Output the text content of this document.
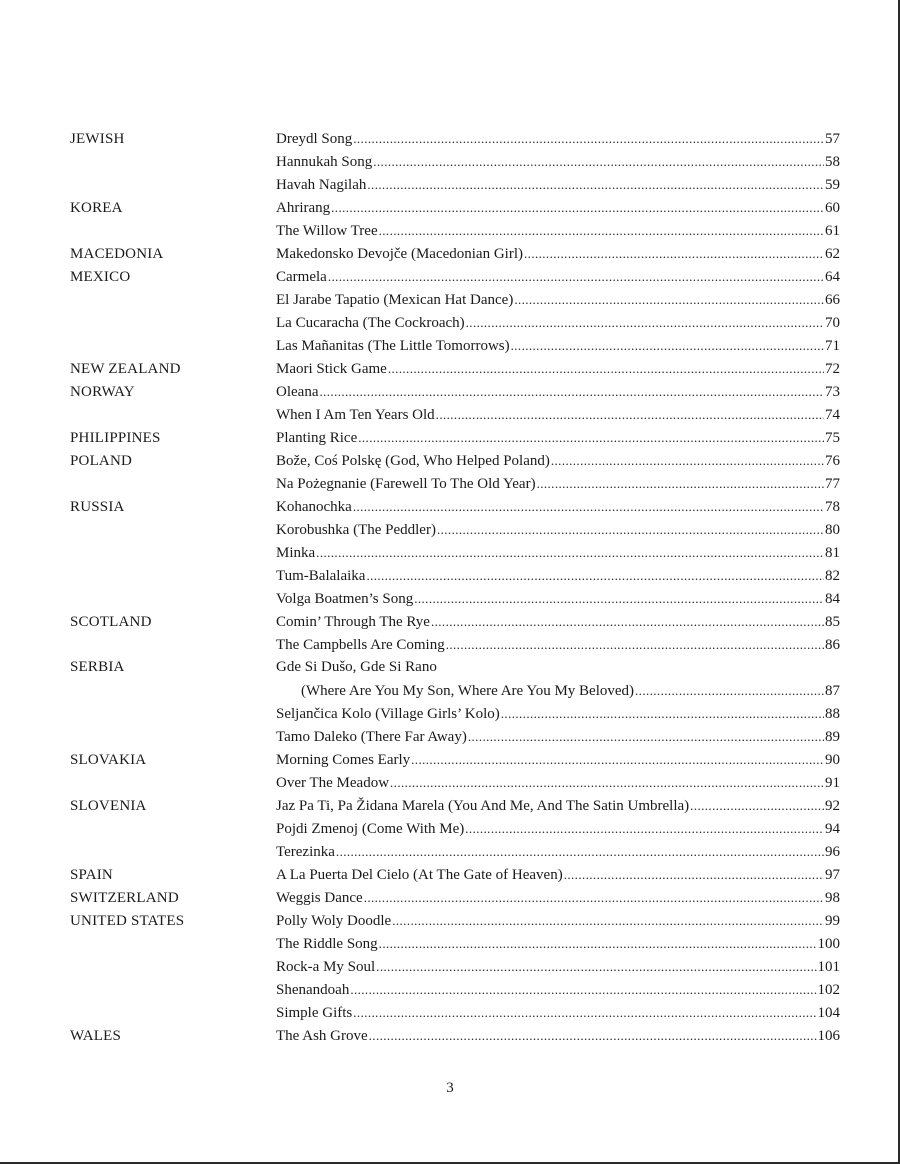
JEWISH	Dreydl Song .....	57
Hannukah Song .....	58
Havah Nagilah .....	59
KOREA	Ahrirang .....	60
The Willow Tree .....	61
MACEDONIA	Makedonsko Devojče (Macedonian Girl) .....	62
MEXICO	Carmela .....	64
El Jarabe Tapatio (Mexican Hat Dance) .....	66
La Cucaracha (The Cockroach) .....	70
Las Mañanitas (The Little Tomorrows) .....	71
NEW ZEALAND	Maori Stick Game .....	72
NORWAY	Oleana .....	73
When I Am Ten Years Old .....	74
PHILIPPINES	Planting Rice .....	75
POLAND	Bože, Coś Polskę (God, Who Helped Poland) .....	76
Na Pożegnanie (Farewell To The Old Year) .....	77
RUSSIA	Kohanochka .....	78
Korobushka (The Peddler) .....	80
Minka .....	81
Tum-Balalaika .....	82
Volga Boatmen’s Song .....	84
SCOTLAND	Comin’ Through The Rye .....	85
The Campbells Are Coming .....	86
SERBIA	Gde Si Dušo, Gde Si Rano
(Where Are You My Son, Where Are You My Beloved) .....	87
Seljančica Kolo (Village Girls’ Kolo) .....	88
Tamo Daleko (There Far Away) .....	89
SLOVAKIA	Morning Comes Early .....	90
Over The Meadow .....	91
SLOVENIA	Jaz Pa Ti, Pa Židana Marela (You And Me, And The Satin Umbrella) .....	92
Pojdi Zmenoj (Come With Me) .....	94
Terezinka .....	96
SPAIN	A La Puerta Del Cielo (At The Gate of Heaven) .....	97
SWITZERLAND	Weggis Dance .....	98
UNITED STATES	Polly Woly Doodle .....	99
The Riddle Song .....	100
Rock-a My Soul .....	101
Shenandoah .....	102
Simple Gifts .....	104
WALES	The Ash Grove .....	106
3
